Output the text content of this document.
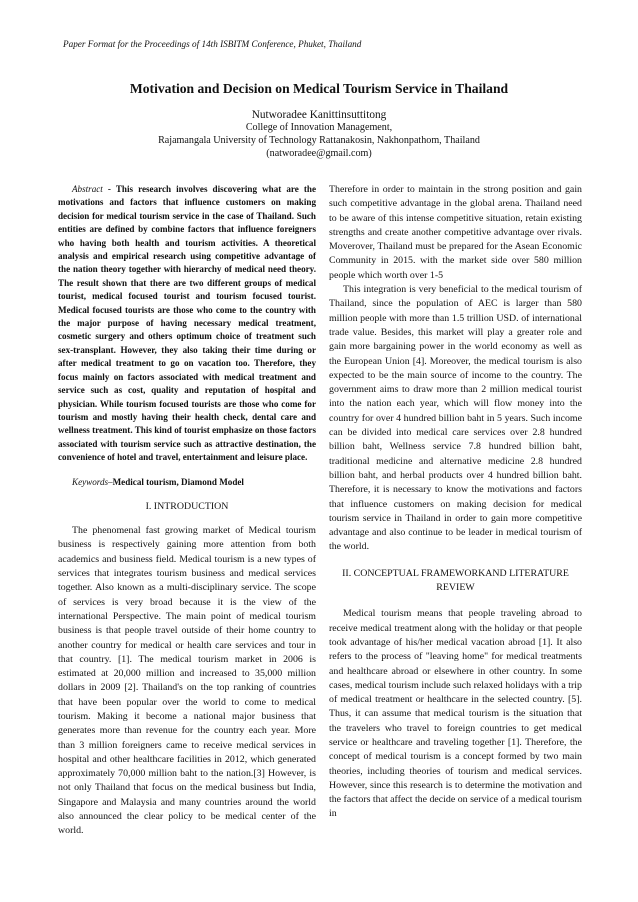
Paper Format for the Proceedings of 14th ISBITM Conference, Phuket, Thailand
Motivation and Decision on Medical Tourism Service in Thailand
Nutworadee Kanittinsuttitong
College of Innovation Management,
Rajamangala University of Technology Rattanakosin, Nakhonpathom, Thailand
(natworadee@gmail.com)

Abstract - This research involves discovering what are the motivations and factors that influence customers on making decision for medical tourism service in the case of Thailand. Such entities are defined by combine factors that influence foreigners who having both health and tourism activities. A theoretical analysis and empirical research using competitive advantage of the nation theory together with hierarchy of medical need theory. The result shown that there are two different groups of medical tourist, medical focused tourist and tourism focused tourist. Medical focused tourists are those who come to the country with the major purpose of having necessary medical treatment, cosmetic surgery and others optimum choice of treatment such sex-transplant. However, they also taking their time during or after medical treatment to go on vacation too. Therefore, they focus mainly on factors associated with medical treatment and service such as cost, quality and reputation of hospital and physician. While tourism focused tourists are those who come for tourism and mostly having their health check, dental care and wellness treatment. This kind of tourist emphasize on those factors associated with tourism service such as attractive destination, the convenience of hotel and travel, entertainment and leisure place.

Keywords–Medical tourism, Diamond Model

I. INTRODUCTION

The phenomenal fast growing market of Medical tourism business is respectively gaining more attention from both academics and business field. Medical tourism is a new types of services that integrates tourism business and medical services together. Also known as a multi-disciplinary service. The scope of services is very broad because it is the view of the international Perspective. The main point of medical tourism business is that people travel outside of their home country to another country for medical or health care services and tour in that country. [1]. The medical tourism market in 2006 is estimated at 20,000 million and increased to 35,000 million dollars in 2009 [2]. Thailand's on the top ranking of countries that have been popular over the world to come to medical tourism. Making it become a national major business that generates more than revenue for the country each year. More than 3 million foreigners came to receive medical services in hospital and other healthcare facilities in 2012, which generated approximately 70,000 million baht to the nation.[3] However, is not only Thailand that focus on the medical business but India, Singapore and Malaysia and many countries around the world also announced the clear policy to be medical center of the world.

Therefore in order to maintain in the strong position and gain such competitive advantage in the global arena. Thailand need to be aware of this intense competitive situation, retain existing strengths and create another competitive advantage over rivals. Moverover, Thailand must be prepared for the Asean Economic Community in 2015. with the market side over 580 million people which worth over 1-5

This integration is very beneficial to the medical tourism of Thailand, since the population of AEC is larger than 580 million people with more than 1.5 trillion USD. of international trade value. Besides, this market will play a greater role and gain more bargaining power in the world economy as well as the European Union [4]. Moreover, the medical tourism is also expected to be the main source of income to the country. The government aims to draw more than 2 million medical tourist into the nation each year, which will flow money into the country for over 4 hundred billion baht in 5 years. Such income can be divided into medical care services over 2.8 hundred billion baht, Wellness service 7.8 hundred billion baht, traditional medicine and alternative medicine 2.8 hundred billion baht, and herbal products over 4 hundred billion baht. Therefore, it is necessary to know the motivations and factors that influence customers on making decision for medical tourism service in Thailand in order to gain more competitive advantage and also continue to be leader in medical tourism of the world.

II. CONCEPTUAL FRAMEWORKAND LITERATURE REVIEW

Medical tourism means that people traveling abroad to receive medical treatment along with the holiday or that people took advantage of his/her medical vacation abroad [1]. It also refers to the process of "leaving home" for medical treatments and healthcare abroad or elsewhere in other country. In some cases, medical tourism include such relaxed holidays with a trip of medical treatment or healthcare in the selected country. [5]. Thus, it can assume that medical tourism is the situation that the travelers who travel to foreign countries to get medical service or healthcare and traveling together [1]. Therefore, the concept of medical tourism is a concept formed by two main theories, including theories of tourism and medical services. However, since this research is to determine the motivation and the factors that affect the decide on service of a medical tourism in
